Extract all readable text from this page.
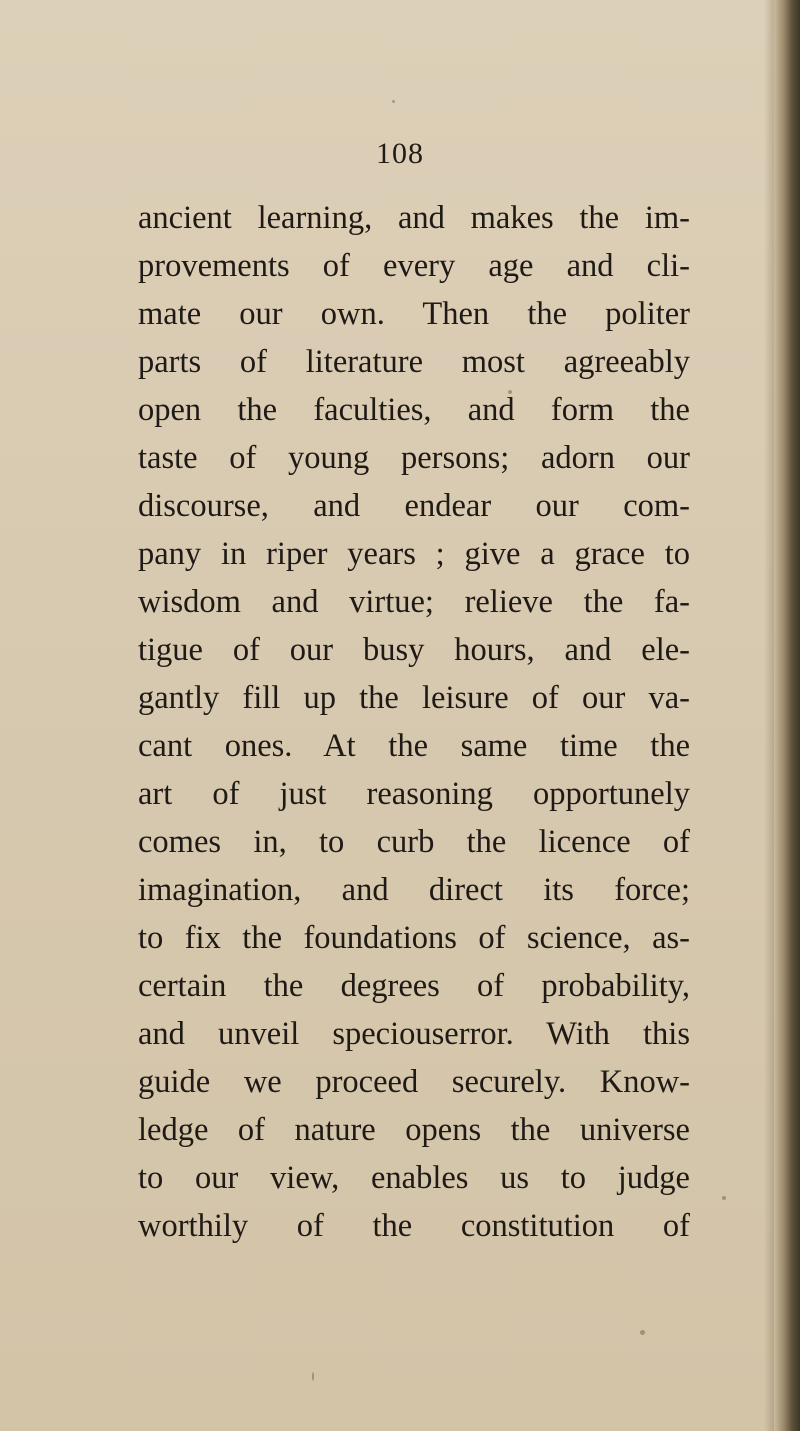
108
ancient learning, and makes the im-
provements of every age and cli-
mate our own. Then the politer
parts of literature most agreeably
open the faculties, and form the
taste of young persons; adorn our
discourse, and endear our com-
pany in riper years ; give a grace to
wisdom and virtue; relieve the fa-
tigue of our busy hours, and ele-
gantly fill up the leisure of our va-
cant ones. At the same time the
art of just reasoning opportunely
comes in, to curb the licence of
imagination, and direct its force;
to fix the foundations of science, as-
certain the degrees of probability,
and unveil speciouserror. With this
guide we proceed securely. Know-
ledge of nature opens the universe
to our view, enables us to judge
worthily of the constitution of
